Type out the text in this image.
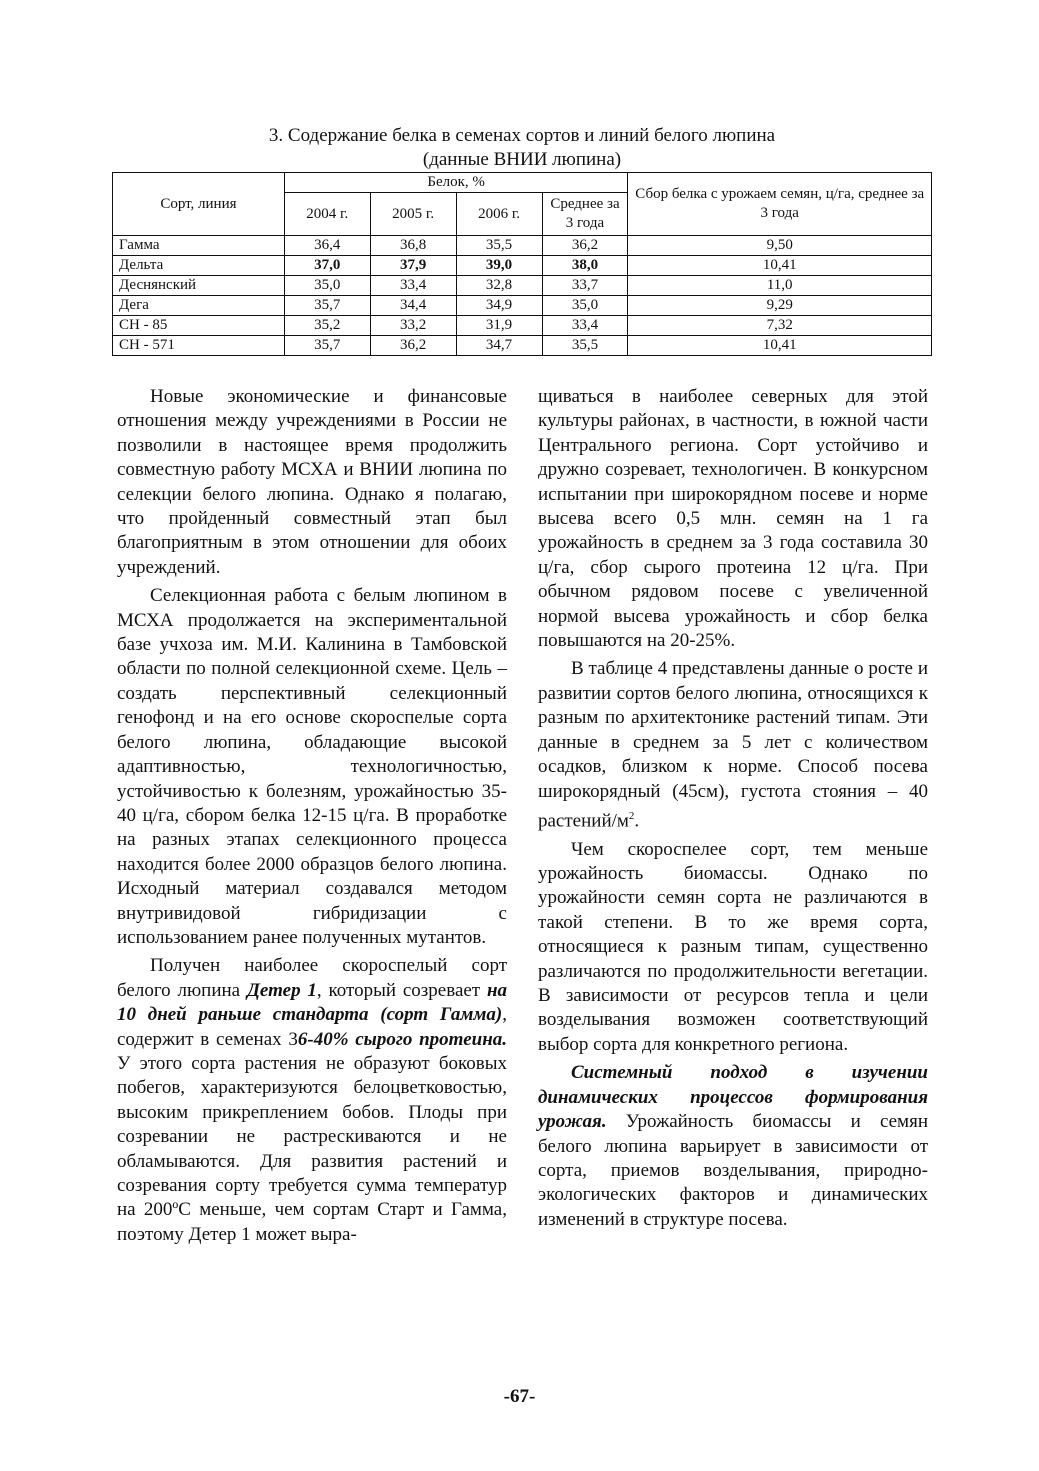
3. Содержание белка в семенах сортов и линий белого люпина
(данные ВНИИ люпина)
Сорт, линия	Белок, %				Сбор белка с урожаем семян, ц/га, среднее за 3 года
	2004 г.	2005 г.	2006 г.	Среднее за 3 года	
Гамма	36,4	36,8	35,5	36,2	9,50
Дельта	37,0	37,9	39,0	38,0	10,41
Деснянский	35,0	33,4	32,8	33,7	11,0
Дега	35,7	34,4	34,9	35,0	9,29
СН - 85	35,2	33,2	31,9	33,4	7,32
СН - 571	35,7	36,2	34,7	35,5	10,41

Новые экономические и финансовые отношения между учреждениями в России не позволили в настоящее время продолжить совместную работу МСХА и ВНИИ люпина по селекции белого люпина. Однако я полагаю, что пройденный совместный этап был благоприятным в этом отношении для обоих учреждений.

Селекционная работа с белым люпином в МСХА продолжается на экспериментальной базе учхоза им. М.И. Калинина в Тамбовской области по полной селекционной схеме. Цель – создать перспективный селекционный генофонд и на его основе скороспелые сорта белого люпина, обладающие высокой адаптивностью, технологичностью, устойчивостью к болезням, урожайностью 35-40 ц/га, сбором белка 12-15 ц/га. В проработке на разных этапах селекционного процесса находится более 2000 образцов белого люпина. Исходный материал создавался методом внутривидовой гибридизации с использованием ранее полученных мутантов.

Получен наиболее скороспелый сорт белого люпина Детер 1, который созревает на 10 дней раньше стандарта (сорт Гамма), содержит в семенах 36-40% сырого протеина. У этого сорта растения не образуют боковых побегов, характеризуются белоцветковостью, высоким прикреплением бобов. Плоды при созревании не растрескиваются и не обламываются. Для развития растений и созревания сорту требуется сумма температур на 200ºС меньше, чем сортам Старт и Гамма, поэтому Детер 1 может выра-

щиваться в наиболее северных для этой культуры районах, в частности, в южной части Центрального региона. Сорт устойчиво и дружно созревает, технологичен. В конкурсном испытании при широкорядном посеве и норме высева всего 0,5 млн. семян на 1 га урожайность в среднем за 3 года составила 30 ц/га, сбор сырого протеина 12 ц/га. При обычном рядовом посеве с увеличенной нормой высева урожайность и сбор белка повышаются на 20-25%.

В таблице 4 представлены данные о росте и развитии сортов белого люпина, относящихся к разным по архитектонике растений типам. Эти данные в среднем за 5 лет с количеством осадков, близком к норме. Способ посева широкорядный (45см), густота стояния – 40 растений/$м^2$.

Чем скороспелее сорт, тем меньше урожайность биомассы. Однако по урожайности семян сорта не различаются в такой степени. В то же время сорта, относящиеся к разным типам, существенно различаются по продолжительности вегетации. В зависимости от ресурсов тепла и цели возделывания возможен соответствующий выбор сорта для конкретного региона.

Системный подход в изучении динамических процессов формирования урожая. Урожайность биомассы и семян белого люпина варьирует в зависимости от сорта, приемов возделывания, природно-экологических факторов и динамических изменений в структуре посева.

-67-
